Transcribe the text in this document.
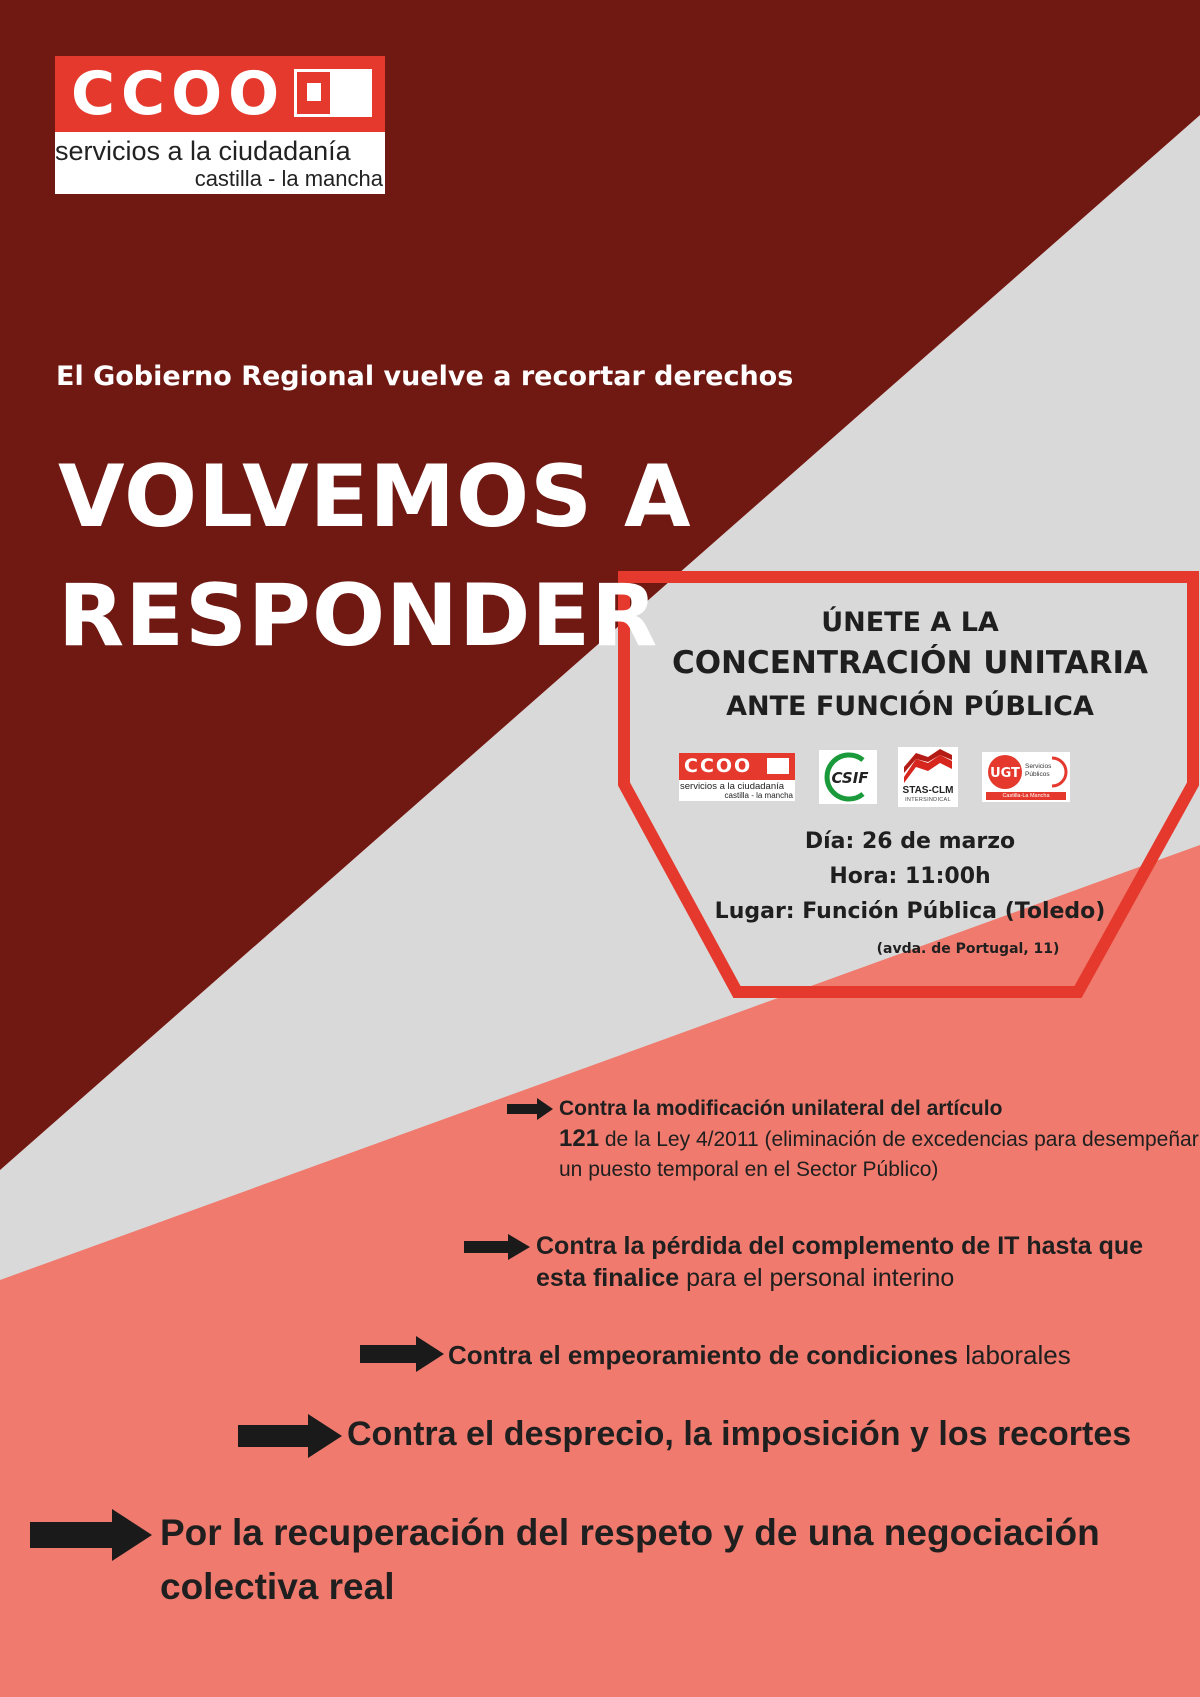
CCOO
servicios a la ciudadanía
castilla - la mancha
El Gobierno Regional vuelve a recortar derechos
VOLVEMOS A
RESPONDER	ÚNETE A LA
CONCENTRACIÓN UNITARIA
ANTE FUNCIÓN PÚBLICA
CCOO
servicios a la ciudadanía
castilla - la mancha
CSIF
STAS-CLM
INTERSINDICAL
UGT Servicios
Públicos
Castilla-La Mancha
Día: 26 de marzo
Hora: 11:00h
Lugar: Función Pública (Toledo)
(avda. de Portugal, 11)
Contra la modificación unilateral del artículo
121 de la Ley 4/2011 (eliminación de excedencias para desempeñar un puesto temporal en el Sector Público)
Contra la pérdida del complemento de IT hasta que esta finalice para el personal interino
Contra el empeoramiento de condiciones laborales
Contra el desprecio, la imposición y los recortes
Por la recuperación del respeto y de una negociación colectiva real
